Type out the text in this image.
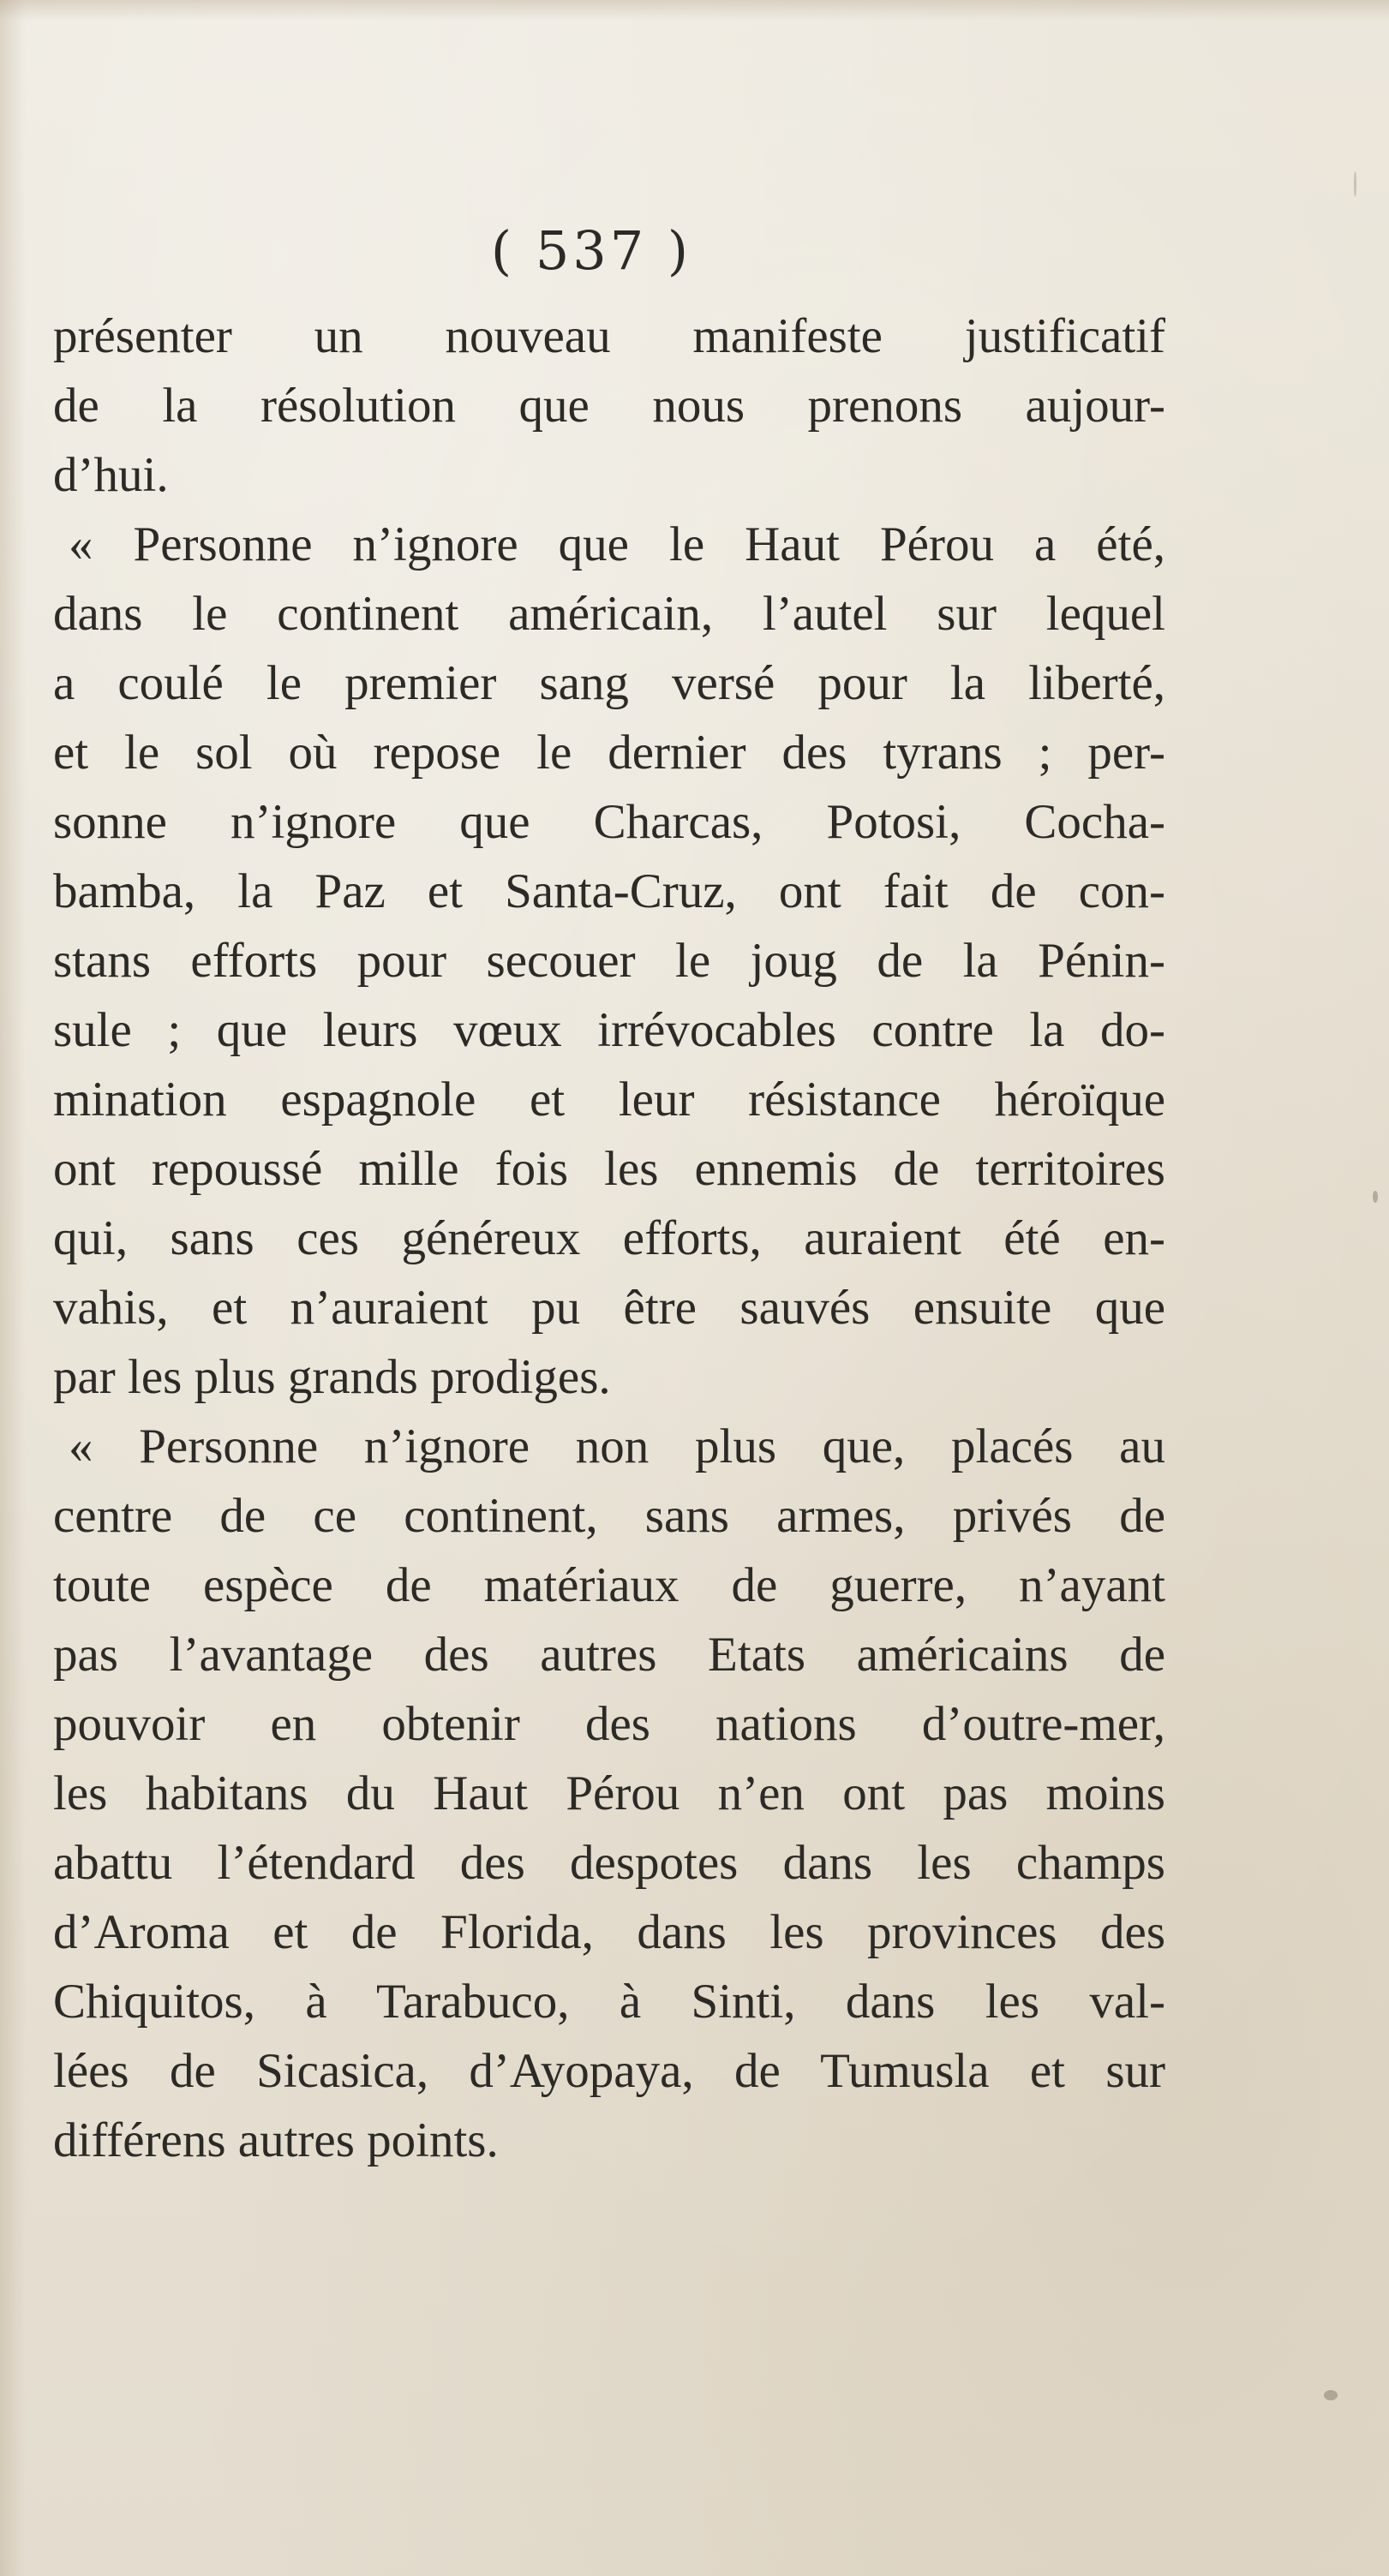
( 537 )

présenter un nouveau manifeste justificatif
de la résolution que nous prenons aujour-
d’hui.

« Personne n’ignore que le Haut Pérou a été,
dans le continent américain, l’autel sur lequel
a coulé le premier sang versé pour la liberté,
et le sol où repose le dernier des tyrans ; per-
sonne n’ignore que Charcas, Potosi, Cocha-
bamba, la Paz et Santa-Cruz, ont fait de con-
stans efforts pour secouer le joug de la Pénin-
sule ; que leurs vœux irrévocables contre la do-
mination espagnole et leur résistance héroïque
ont repoussé mille fois les ennemis de territoires
qui, sans ces généreux efforts, auraient été en-
vahis, et n’auraient pu être sauvés ensuite que
par les plus grands prodiges.

« Personne n’ignore non plus que, placés au
centre de ce continent, sans armes, privés de
toute espèce de matériaux de guerre, n’ayant
pas l’avantage des autres Etats américains de
pouvoir en obtenir des nations d’outre-mer,
les habitans du Haut Pérou n’en ont pas moins
abattu l’étendard des despotes dans les champs
d’Aroma et de Florida, dans les provinces des
Chiquitos, à Tarabuco, à Sinti, dans les val-
lées de Sicasica, d’Ayopaya, de Tumusla et sur
différens autres points.
